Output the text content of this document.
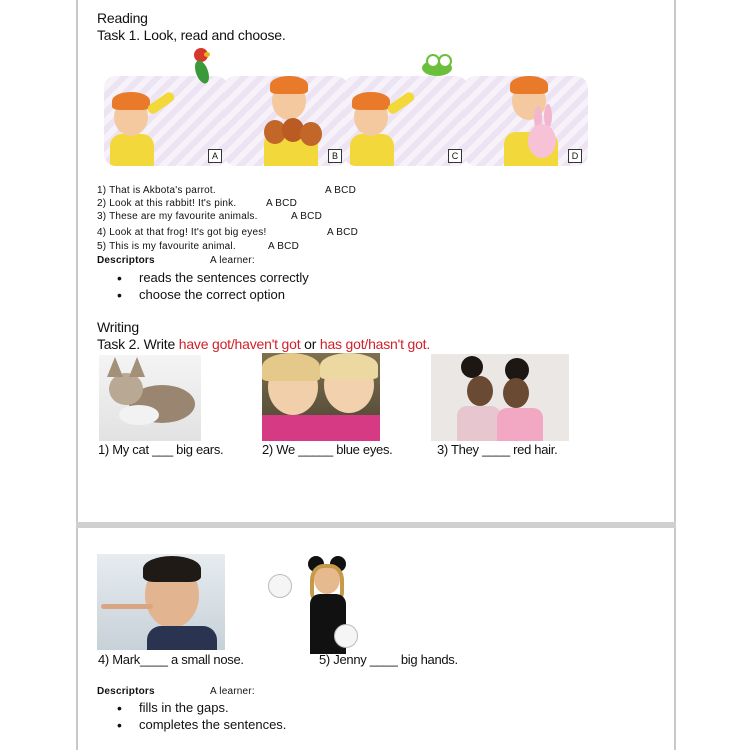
Reading
Task 1. Look, read and choose.
A	B	C	D
1) That is Akbota's parrot.	A BCD
2) Look at this rabbit! It's pink.	A BCD
3) These are my favourite animals.	A BCD
4) Look at that frog! It's got big eyes!	A BCD
5) This is my favourite animal.	A BCD
Descriptors	A learner:
• reads the sentences correctly
• choose the correct option
Writing
Task 2. Write have got/haven't got or has got/hasn't got.
1) My cat ___ big ears.	2) We _____ blue eyes.	3) They ____ red hair.
4) Mark____ a small nose.	5) Jenny ____ big hands.
Descriptors	A learner:
• fills in the gaps.
• completes the sentences.
